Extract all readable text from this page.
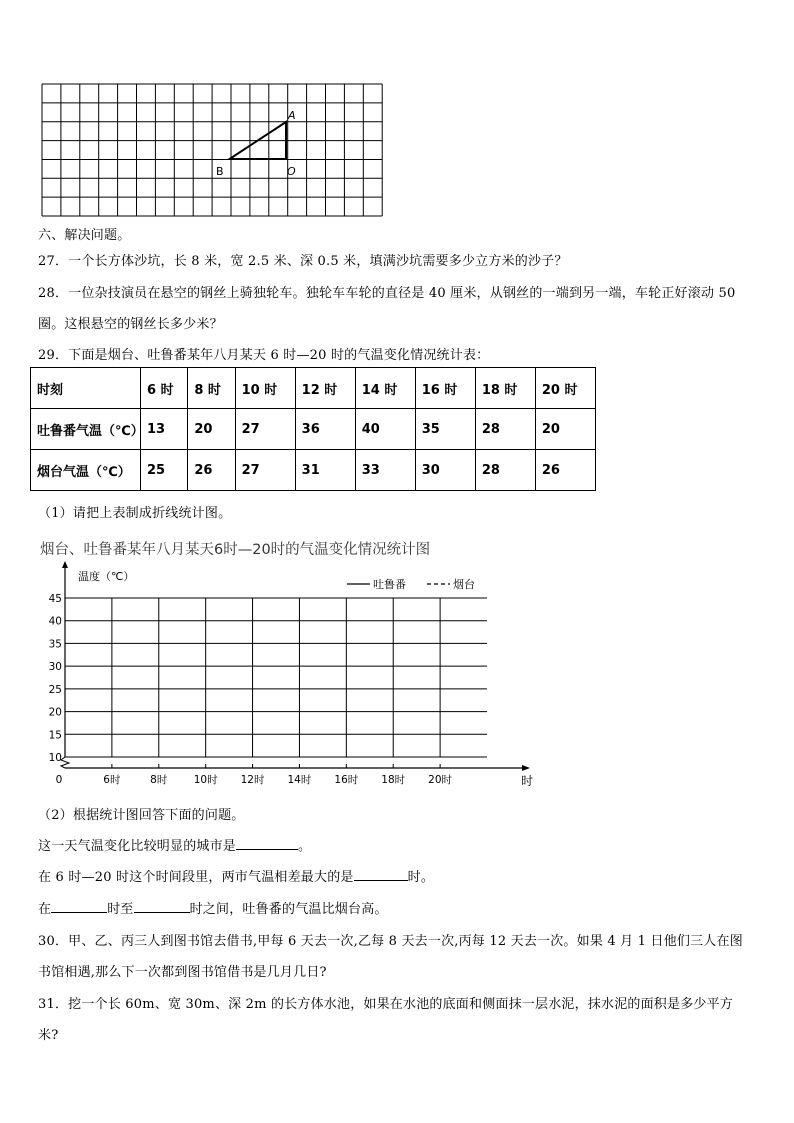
A
B	O
六、解决问题。
27．一个长方体沙坑，长 8 米，宽 2.5 米、深 0.5 米，填满沙坑需要多少立方米的沙子？
28．一位杂技演员在悬空的钢丝上骑独轮车。独轮车车轮的直径是 40 厘米，从钢丝的一端到另一端，车轮正好滚动 50
圈。这根悬空的钢丝长多少米？
29．下面是烟台、吐鲁番某年八月某天 6 时—20 时的气温变化情况统计表：
时刻	6 时	8 时	10 时	12 时	14 时	16 时	18 时	20 时
吐鲁番气温（℃）	13	20	27	36	40	35	28	20
烟台气温（℃）	25	26	27	31	33	30	28	26
（1）请把上表制成折线统计图。
烟台、吐鲁番某年八月某天6时—20时的气温变化情况统计图
温度（℃）
吐鲁番	烟台
10
15
20
25
30
35
40
45
6时	8时	10时 12时 14时 16时 18时 20时
0	时
（2）根据统计图回答下面的问题。
这一天气温变化比较明显的城市是	。
在 6 时—20 时这个时间段里，两市气温相差最大的是	时。
在	时至	时之间，吐鲁番的气温比烟台高。
30．甲、乙、丙三人到图书馆去借书,甲每 6 天去一次,乙每 8 天去一次,丙每 12 天去一次。如果 4 月 1 日他们三人在图
书馆相遇,那么下一次都到图书馆借书是几月几日?
31．挖一个长 60m、宽 30m、深 2m 的长方体水池，如果在水池的底面和侧面抹一层水泥，抹水泥的面积是多少平方
米?
